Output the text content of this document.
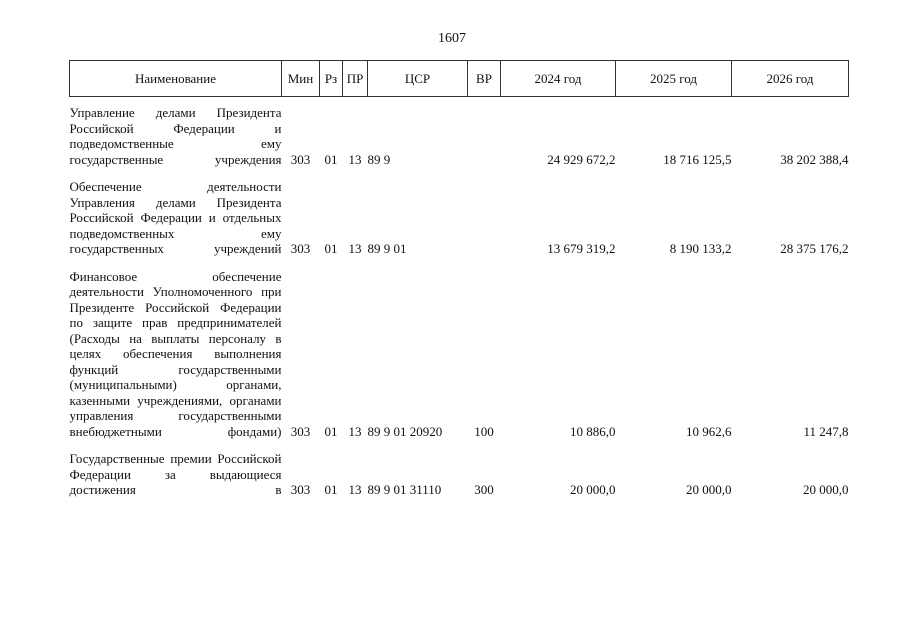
1607
Наименование	Мин	Рз	ПР	ЦСР	ВР	2024 год	2025 год	2026 год

Управление делами Президента Российской Федерации и подведомственные ему государственные учреждения	303	01	13	89 9		24 929 672,2	18 716 125,5	38 202 388,4
Обеспечение деятельности Управления делами Президента Российской Федерации и отдельных подведомственных ему государственных учреждений	303	01	13	89 9 01		13 679 319,2	8 190 133,2	28 375 176,2
Финансовое обеспечение деятельности Уполномоченного при Президенте Российской Федерации по защите прав предпринимателей (Расходы на выплаты персоналу в целях обеспечения выполнения функций государственными (муниципальными) органами, казенными учреждениями, органами управления государственными внебюджетными фондами)	303	01	13	89 9 01 20920	100	10 886,0	10 962,6	11 247,8
Государственные премии Российской Федерации за выдающиеся достижения в	303	01	13	89 9 01 31110	300	20 000,0	20 000,0	20 000,0
